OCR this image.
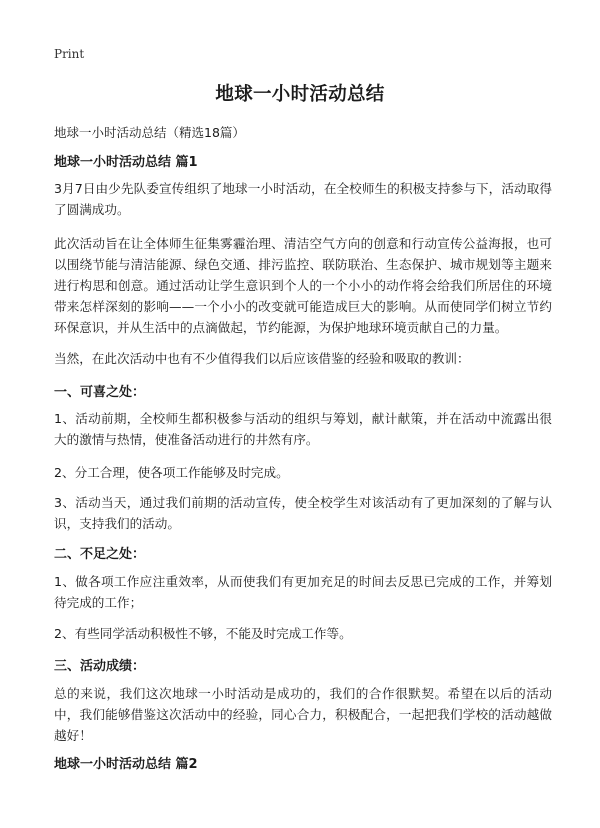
Print
地球一小时活动总结
地球一小时活动总结（精选18篇）
地球一小时活动总结 篇1
3月7日由少先队委宣传组织了地球一小时活动，在全校师生的积极支持参与下，活动取得了圆满成功。
此次活动旨在让全体师生征集雾霾治理、清洁空气方向的创意和行动宣传公益海报，也可以围绕节能与清洁能源、绿色交通、排污监控、联防联治、生态保护、城市规划等主题来进行构思和创意。通过活动让学生意识到个人的一个小小的动作将会给我们所居住的环境带来怎样深刻的影响——一个小小的改变就可能造成巨大的影响。从而使同学们树立节约环保意识，并从生活中的点滴做起，节约能源，为保护地球环境贡献自己的力量。
当然，在此次活动中也有不少值得我们以后应该借鉴的经验和吸取的教训：
一、可喜之处：
1、活动前期，全校师生都积极参与活动的组织与筹划，献计献策，并在活动中流露出很大的激情与热情，使准备活动进行的井然有序。
2、分工合理，使各项工作能够及时完成。
3、活动当天，通过我们前期的活动宣传，使全校学生对该活动有了更加深刻的了解与认识，支持我们的活动。
二、不足之处：
1、做各项工作应注重效率，从而使我们有更加充足的时间去反思已完成的工作，并筹划待完成的工作；
2、有些同学活动积极性不够，不能及时完成工作等。
三、活动成绩：
总的来说，我们这次地球一小时活动是成功的，我们的合作很默契。希望在以后的活动中，我们能够借鉴这次活动中的经验，同心合力，积极配合，一起把我们学校的活动越做越好！
地球一小时活动总结 篇2
